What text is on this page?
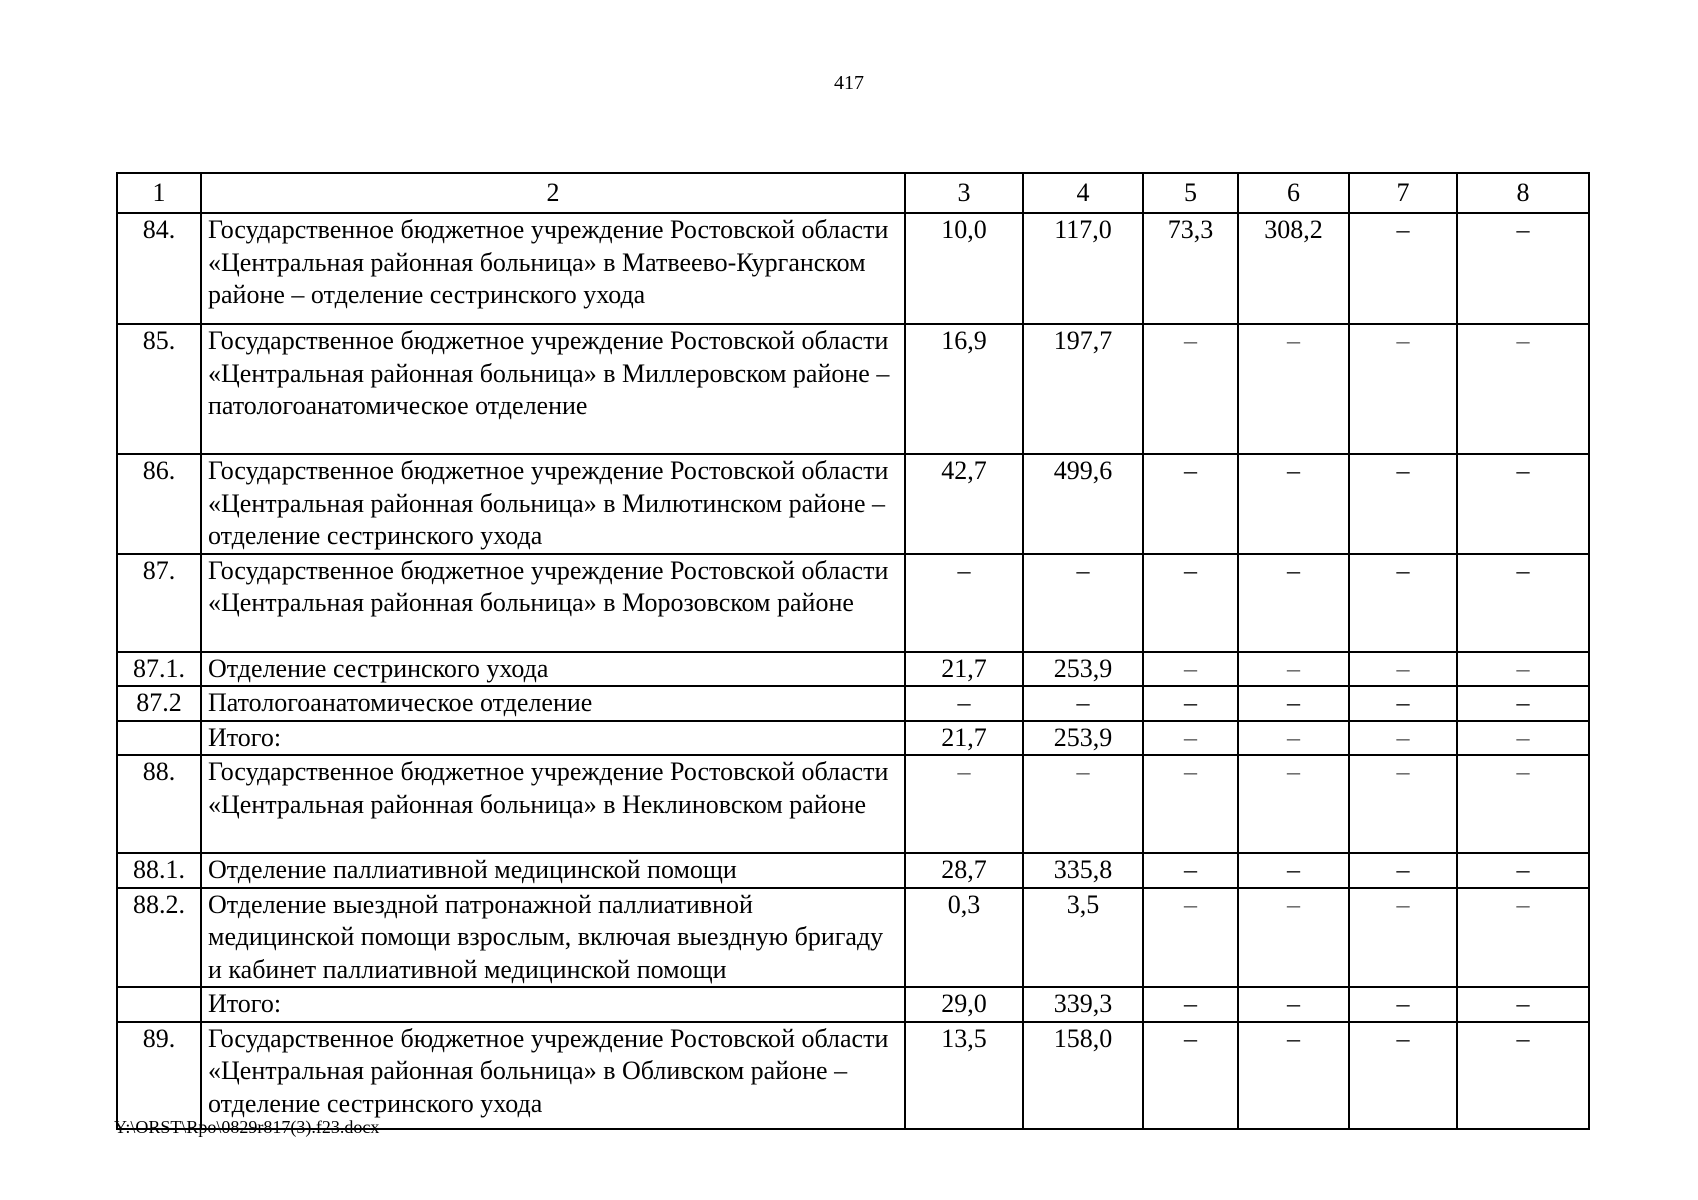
417
1	2	3	4	5	6	7	8
84.	Государственное бюджетное учреждение Ростовской области «Центральная районная больница» в Матвеево-Курганском районе – отделение сестринского ухода	10,0	117,0	73,3	308,2	–	–
85.	Государственное бюджетное учреждение Ростовской области «Центральная районная больница» в Миллеровском районе – патологоанатомическое отделение	16,9	197,7	–	–	–	–
86.	Государственное бюджетное учреждение Ростовской области «Центральная районная больница» в Милютинском районе – отделение сестринского ухода	42,7	499,6	–	–	–	–
87.	Государственное бюджетное учреждение Ростовской области «Центральная районная больница» в Морозовском районе	–	–	–	–	–	–
87.1.	Отделение сестринского ухода	21,7	253,9	–	–	–	–
87.2	Патологоанатомическое отделение	–	–	–	–	–	–
	Итого:	21,7	253,9	–	–	–	–
88.	Государственное бюджетное учреждение Ростовской области «Центральная районная больница» в Неклиновском районе	–	–	–	–	–	–
88.1.	Отделение паллиативной медицинской помощи	28,7	335,8	–	–	–	–
88.2.	Отделение выездной патронажной паллиативной медицинской помощи взрослым, включая выездную бригаду и кабинет паллиативной медицинской помощи	0,3	3,5	–	–	–	–
	Итого:	29,0	339,3	–	–	–	–
89.	Государственное бюджетное учреждение Ростовской области «Центральная районная больница» в Обливском районе – отделение сестринского ухода	13,5	158,0	–	–	–	–
Y:\ORST\Rpo\0829r817(3).f23.docx
